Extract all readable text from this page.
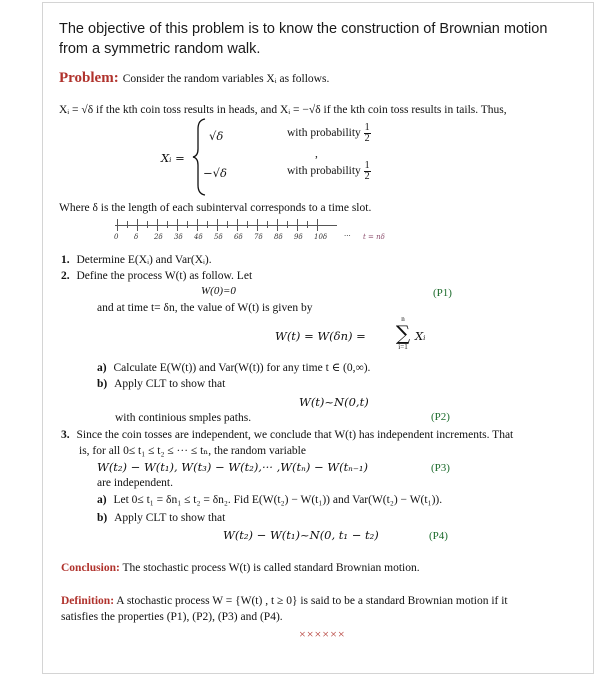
The objective of this problem is to know the construction of Brownian motion
from a symmetric random walk.
Problem: Consider the random variables Xᵢ as follows.
Xᵢ = √δ if the kth coin toss results in heads, and Xᵢ = −√δ if the kth coin toss results in tails. Thus,
Xᵢ =
√δ	with probability $\frac{1}{2}$
,
−√δ	with probability $\frac{1}{2}$
Where δ is the length of each subinterval corresponds to a time slot.
0 δ 2δ 3δ 4δ 5δ 6δ 7δ 8δ 9δ 10δ ··· t = nδ
1. Determine E(Xᵢ) and Var(Xᵢ).
2. Define the process W(t) as follow. Let
W(0)=0	(P1)
and at time t= δn, the value of W(t) is given by
W(t) = W(δn) =
n
∑
i=1
Xᵢ
a) Calculate E(W(t)) and Var(W(t)) for any time t ∈ (0,∞).
b) Apply CLT to show that
W(t)~N(0,t)
with continious smples paths.	(P2)
3. Since the coin tosses are independent, we conclude that W(t) has independent increments. That
is, for all 0≤ t₁ ≤ t₂ ≤ ··· ≤ tₙ, the random variable
W(t₂) − W(t₁), W(t₃) − W(t₂),··· ,W(tₙ) − W(tₙ₋₁)	(P3)
are independent.
a) Let 0≤ t₁ = δn₁ ≤ t₂ = δn₂. Fid E(W(t₂) − W(t₁)) and Var(W(t₂) − W(t₁)).
b) Apply CLT to show that
W(t₂) − W(t₁)~N(0, t₁ − t₂)	(P4)
Conclusion: The stochastic process W(t) is called standard Brownian motion.
Definition: A stochastic process W = {W(t) , t ≥ 0} is said to be a standard Brownian motion if it
satisfies the properties (P1), (P2), (P3) and (P4).
××××××
